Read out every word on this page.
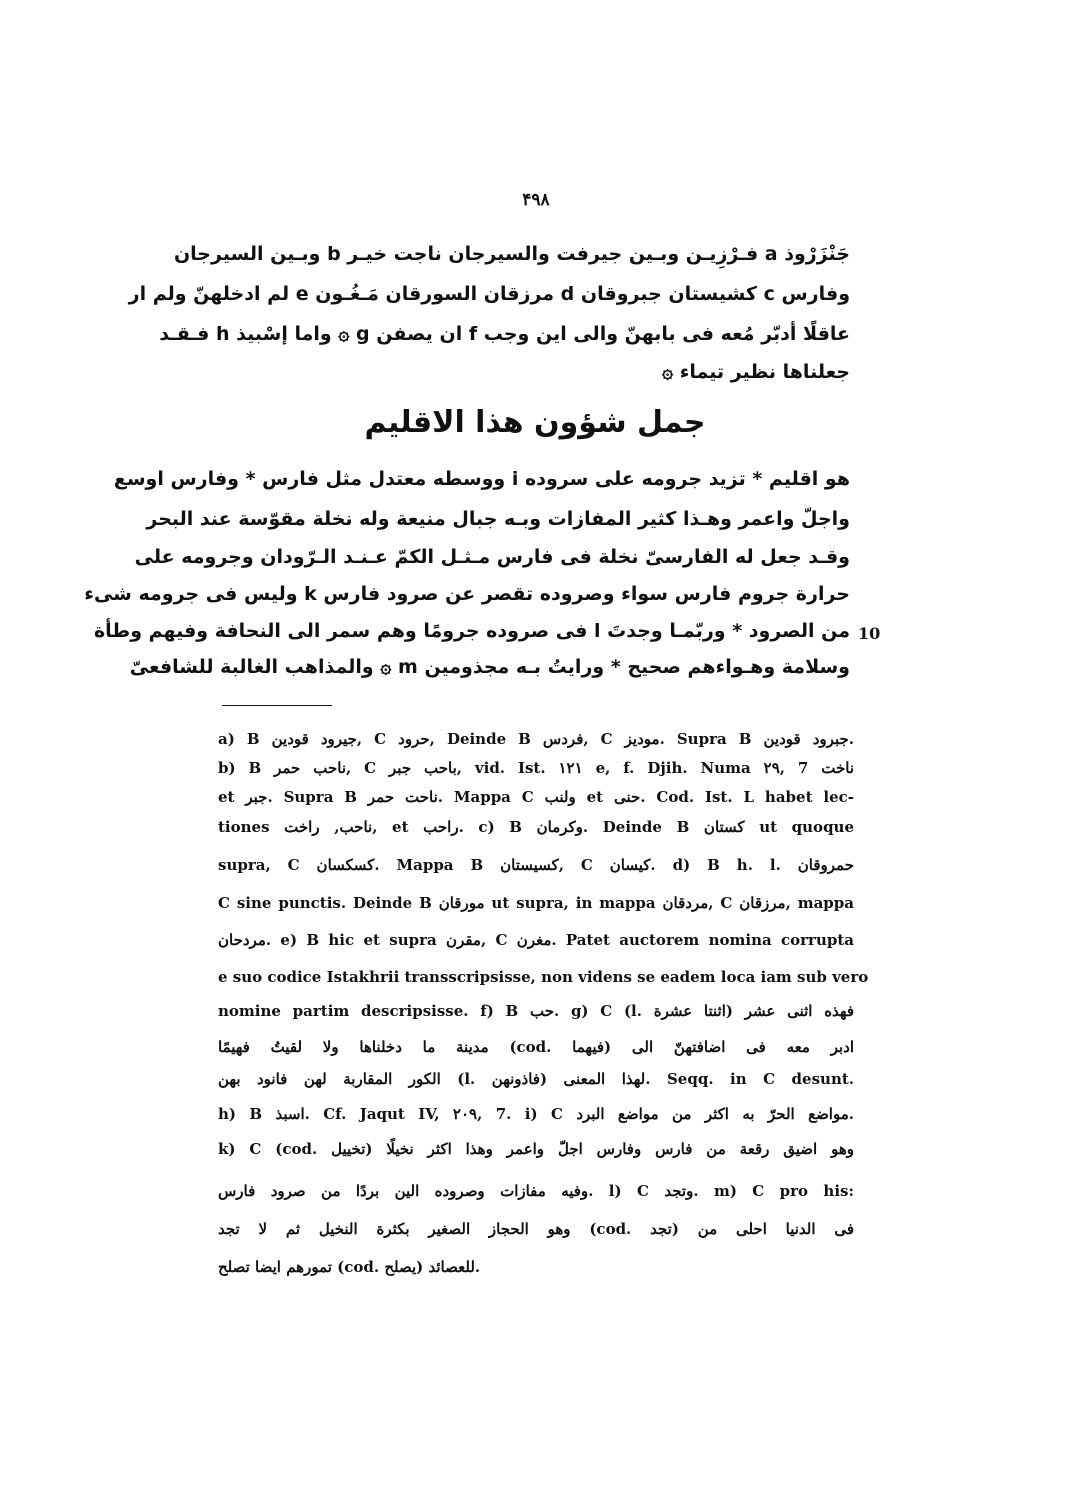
۴۹۸
جَنْزَرْوذ a فـرْزِيـن وبـين جيرفت والسيرجان ناجت خيـر b وبـين السيرجان
وفارس c كشيستان جبروقان d مرزقان السورقان مَـغُـون e لم ادخلهنّ ولم ار
عاقلًا أدبّر مُعه فى بابهنّ والى اين وجب f ان يصفن g ۞ واما إسْبيذ h فـقـد
جعلناها نظير تيماء ۞
جمل شؤون هذا الاقليم
هو اقليم * تزيد جرومه على سروده i ووسطه معتدل مثل فارس * وفارس اوسع
واجلّ واعمر وهـذا كثير المفازات وبـه جبال منيعة وله نخلة مقوّسة عند البحر
وقـد جعل له الفارسىّ نخلة فى فارس مـثـل الكمّ عـنـد الـرّودان وجرومه على
حرارة جروم فارس سواء وصروده تقصر عن صرود فارس k وليس فى جرومه شىء
من الصرود * وربّمـا وجدتَ l فى صروده جرومًا وهم سمر الى النحافة وفيهم وطأة
وسلامة وهـواءهم صحيح * ورايتُ بـه مجذومين m ۞ والمذاهب الغالبة للشافعىّ
10
a) B جيرود قودين, C حرود, Deinde B فردس, C موديز. Supra B جبرود قودين.
b) B ناحب حمر, C باحب جبر, vid. Ist. ۱۲۱ e, f. Djih. Numa ۲۹, 7 ناخت
et جبر. Supra B ناحت حمر. Mappa C ولنب et حنى. Cod. Ist. L habet lec-
tiones ناحب, راخت, et راحب. c) B وكرمان. Deinde B كستان ut quoque
supra, C كسكسان. Mappa B كسيستان, C كيسان. d) B h. l. حمروقان
C sine punctis. Deinde B مورقان ut supra, in mappa مردقان, C مرزقان, mappa
مردحان. e) B hic et supra مقرن, C مغرن. Patet auctorem nomina corrupta
e suo codice Istakhrii transscripsisse, non videns se eadem loca iam sub vero
nomine partim descripsisse. f) B حب. g) C (l. فهذه اثنى عشر (اثنتا عشرة
مدينة ما دخلناها ولا لقيتُ فهيمًا (cod. فيهما) ادبر معه فى اضافتهنّ الى
الكور المقاربة لهن فانود بهن (l. فاذونهن) لهذا المعنى. Seqq. in C desunt.
h) B اسبذ. Cf. Jaqut IV, ۲۰۹, 7. i) C مواضع الحرّ به اكثر من مواضع البرد.
k) C (cod. تخييل) وهو اضيق رقعة من فارس وفارس اجلّ واعمر وهذا اكثر نخيلًا
وفيه مفازات وصروده الين بردًا من صرود فارس. l) C وتجد. m) C pro his:
وهو الحجاز الصغير بكثرة النخيل ثم لا تجد (cod. تجد) فى الدنيا احلى من
تمورهم ايضا تصلح (cod. يصلح) للعصائد.
